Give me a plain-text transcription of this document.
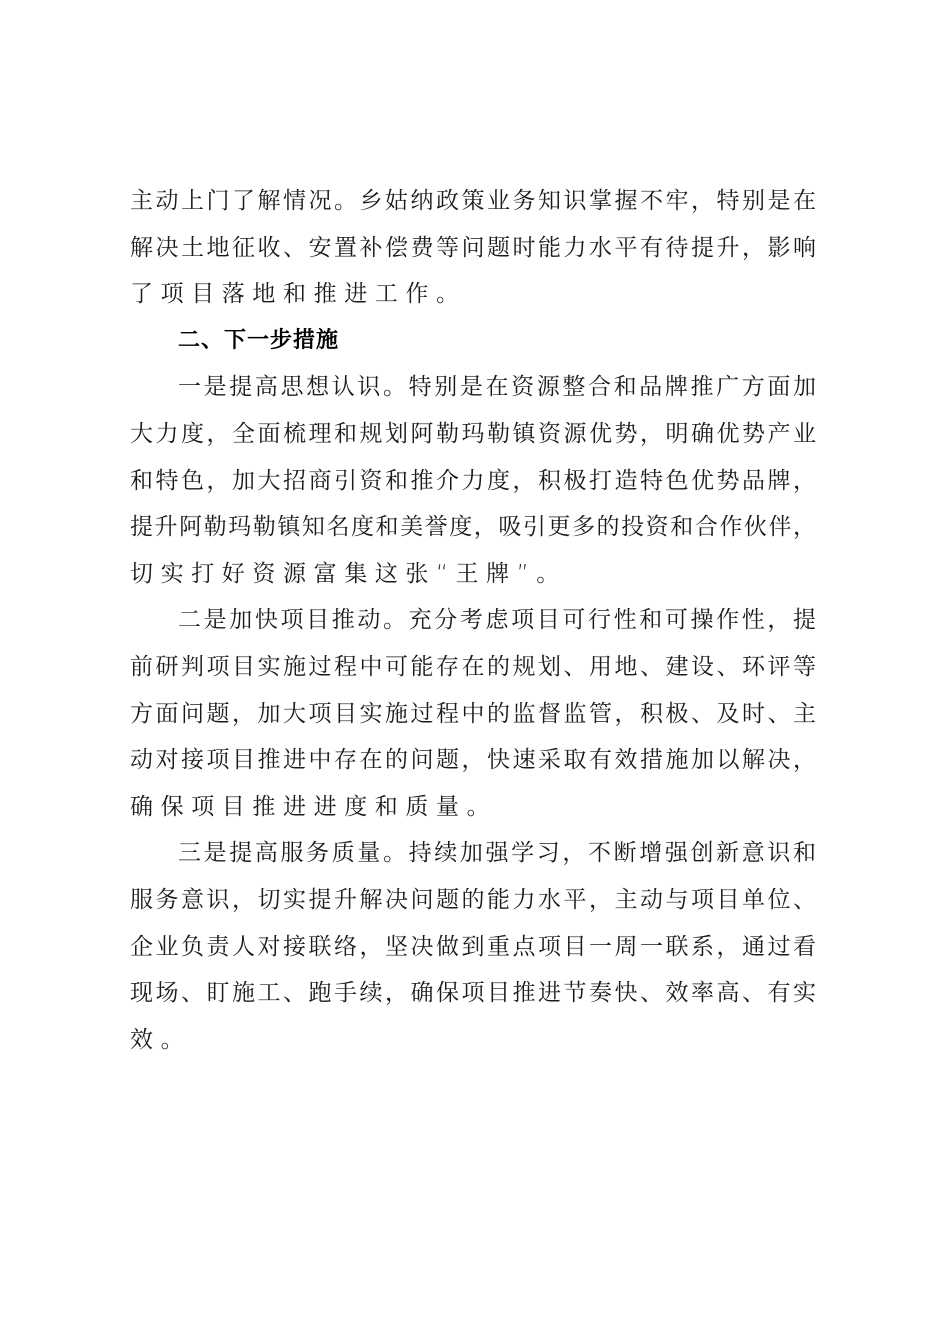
主动上门了解情况。乡姑纳政策业务知识掌握不牢，特别是在
解决土地征收、安置补偿费等问题时能力水平有待提升，影响
了项目落地和推进工作。
二、下一步措施
一是提高思想认识。特别是在资源整合和品牌推广方面加
大力度，全面梳理和规划阿勒玛勒镇资源优势，明确优势产业
和特色，加大招商引资和推介力度，积极打造特色优势品牌，
提升阿勒玛勒镇知名度和美誉度，吸引更多的投资和合作伙伴，
切实打好资源富集这张“王牌”。
二是加快项目推动。充分考虑项目可行性和可操作性，提
前研判项目实施过程中可能存在的规划、用地、建设、环评等
方面问题，加大项目实施过程中的监督监管，积极、及时、主
动对接项目推进中存在的问题，快速采取有效措施加以解决，
确保项目推进进度和质量。
三是提高服务质量。持续加强学习，不断增强创新意识和
服务意识，切实提升解决问题的能力水平，主动与项目单位、
企业负责人对接联络，坚决做到重点项目一周一联系，通过看
现场、盯施工、跑手续，确保项目推进节奏快、效率高、有实
效。
